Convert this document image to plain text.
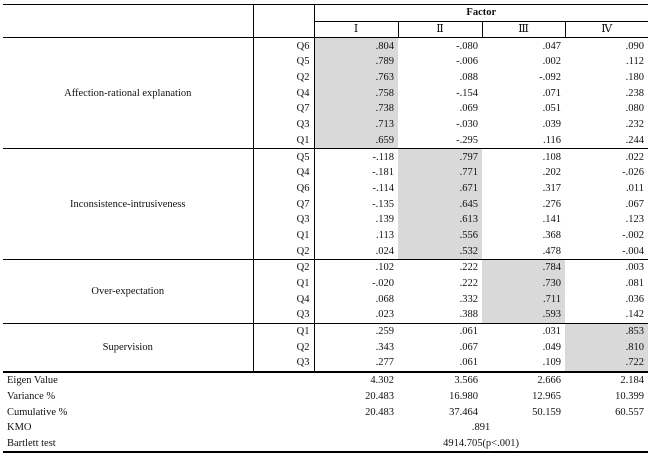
		Factor			
		Ⅰ	Ⅱ	Ⅲ	Ⅳ
Affection-rational explanation	Q6	.804	-.080	.047	.090
	Q5	.789	-.006	.002	.112
	Q2	.763	.088	-.092	.180
	Q4	.758	-.154	.071	.238
	Q7	.738	.069	.051	.080
	Q3	.713	-.030	.039	.232
	Q1	.659	-.295	.116	.244
Inconsistence-intrusiveness	Q5	-.118	.797	.108	.022
	Q4	-.181	.771	.202	-.026
	Q6	-.114	.671	.317	.011
	Q7	-.135	.645	.276	.067
	Q3	.139	.613	.141	.123
	Q1	.113	.556	.368	-.002
	Q2	.024	.532	.478	-.004
Over-expectation	Q2	.102	.222	.784	.003
	Q1	-.020	.222	.730	.081
	Q4	.068	.332	.711	.036
	Q3	.023	.388	.593	.142
Supervision	Q1	.259	.061	.031	.853
	Q2	.343	.067	.049	.810
	Q3	.277	.061	.109	.722
Eigen Value		4.302	3.566	2.666	2.184
Variance %		20.483	16.980	12.965	10.399
Cumulative %		20.483	37.464	50.159	60.557
KMO		.891			
Bartlett test		4914.705(p<.001)			
